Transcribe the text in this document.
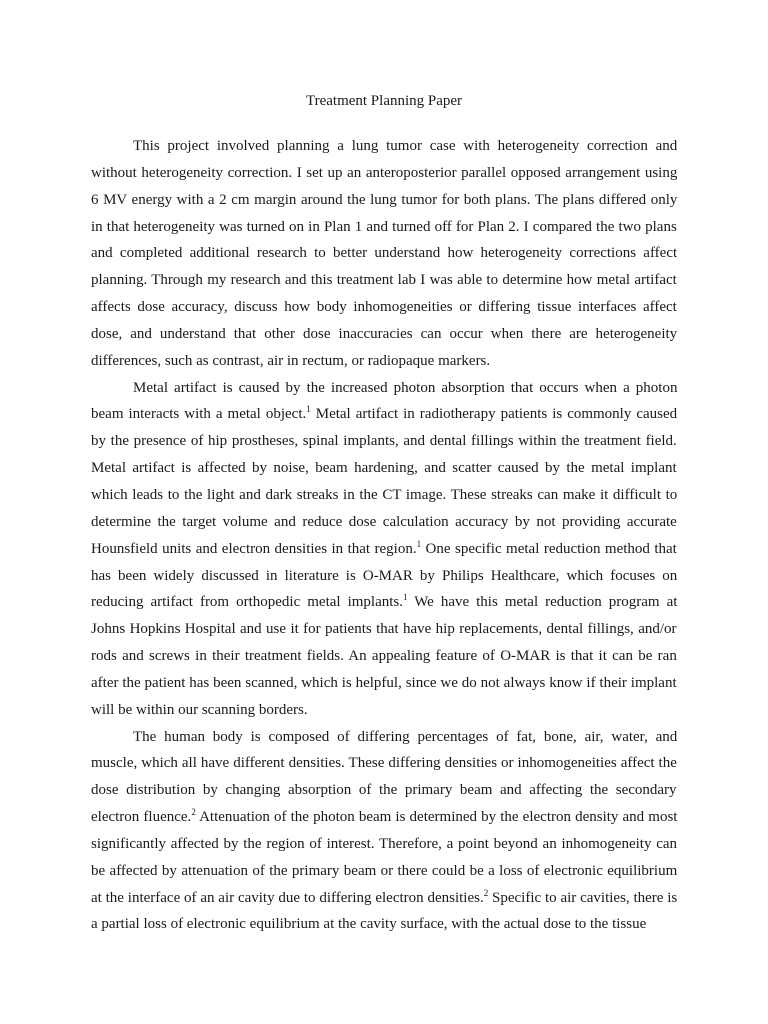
Treatment Planning Paper
This project involved planning a lung tumor case with heterogeneity correction and
without heterogeneity correction. I set up an anteroposterior parallel opposed arrangement using
6 MV energy with a 2 cm margin around the lung tumor for both plans. The plans differed only
in that heterogeneity was turned on in Plan 1 and turned off for Plan 2. I compared the two plans
and completed additional research to better understand how heterogeneity corrections affect
planning. Through my research and this treatment lab I was able to determine how metal artifact
affects dose accuracy, discuss how body inhomogeneities or differing tissue interfaces affect
dose, and understand that other dose inaccuracies can occur when there are heterogeneity
differences, such as contrast, air in rectum, or radiopaque markers.
Metal artifact is caused by the increased photon absorption that occurs when a photon
beam interacts with a metal object.$^1$ Metal artifact in radiotherapy patients is commonly caused
by the presence of hip prostheses, spinal implants, and dental fillings within the treatment field.
Metal artifact is affected by noise, beam hardening, and scatter caused by the metal implant
which leads to the light and dark streaks in the CT image. These streaks can make it difficult to
determine the target volume and reduce dose calculation accuracy by not providing accurate
Hounsfield units and electron densities in that region.$^1$ One specific metal reduction method that
has been widely discussed in literature is O-MAR by Philips Healthcare, which focuses on
reducing artifact from orthopedic metal implants.$^1$ We have this metal reduction program at
Johns Hopkins Hospital and use it for patients that have hip replacements, dental fillings, and/or
rods and screws in their treatment fields. An appealing feature of O-MAR is that it can be ran
after the patient has been scanned, which is helpful, since we do not always know if their implant
will be within our scanning borders.
The human body is composed of differing percentages of fat, bone, air, water, and
muscle, which all have different densities. These differing densities or inhomogeneities affect the
dose distribution by changing absorption of the primary beam and affecting the secondary
electron fluence.$^2$ Attenuation of the photon beam is determined by the electron density and most
significantly affected by the region of interest. Therefore, a point beyond an inhomogeneity can
be affected by attenuation of the primary beam or there could be a loss of electronic equilibrium
at the interface of an air cavity due to differing electron densities.$^2$ Specific to air cavities, there is
a partial loss of electronic equilibrium at the cavity surface, with the actual dose to the tissue
